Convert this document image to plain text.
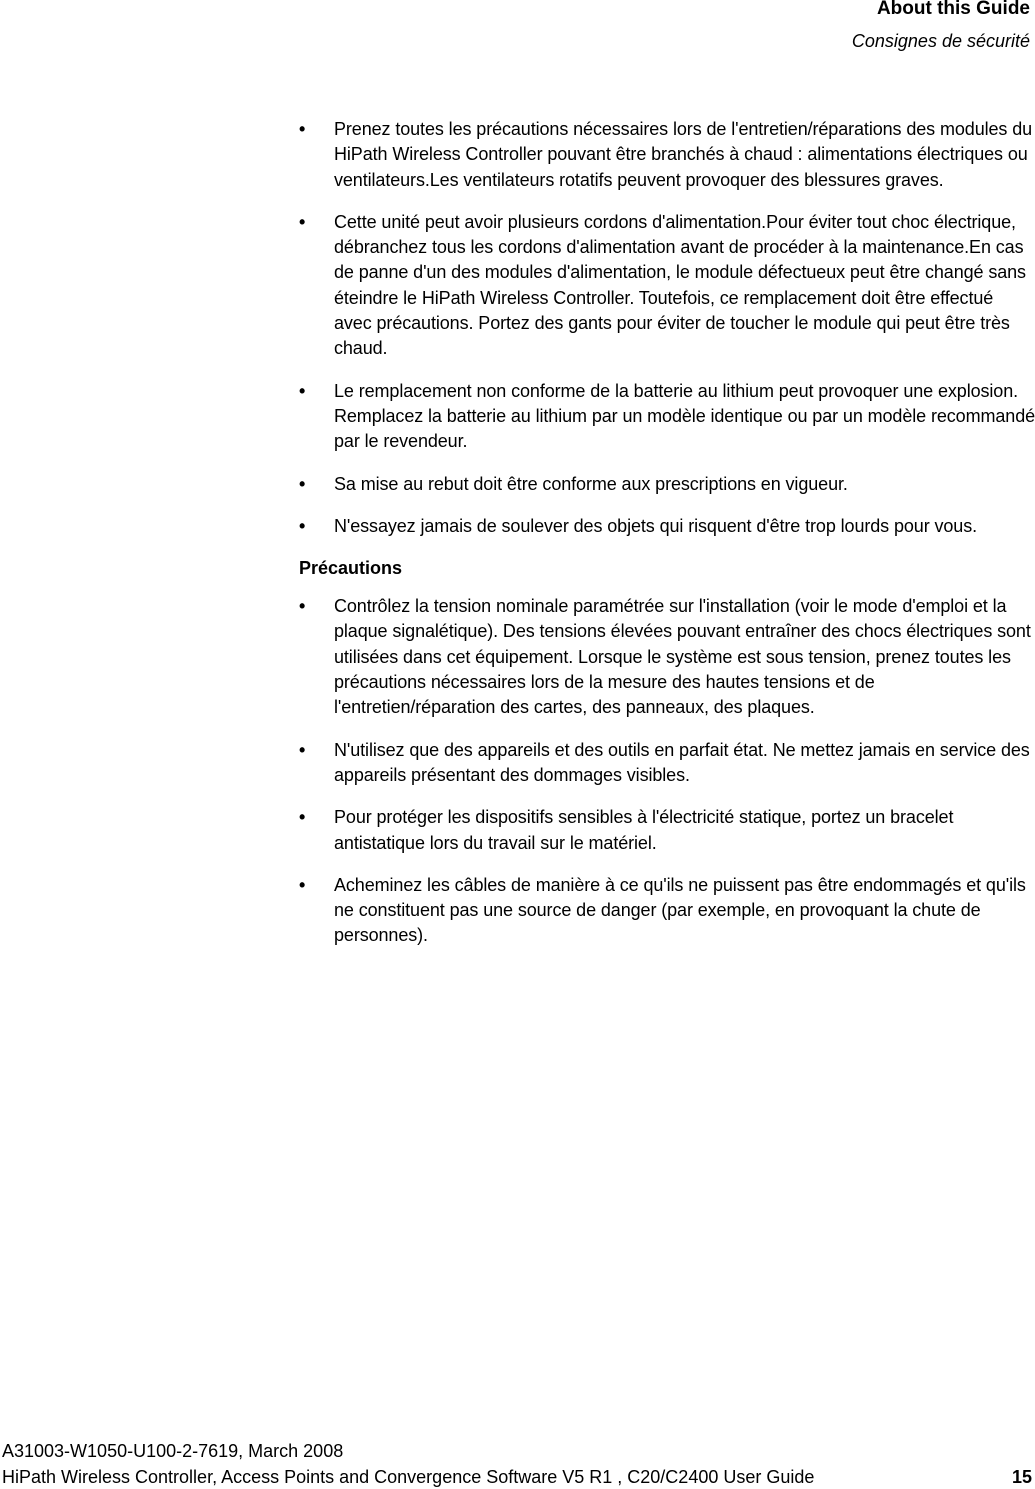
About this Guide
Consignes de sécurité
• Prenez toutes les précautions nécessaires lors de l'entretien/réparations des modules du HiPath Wireless Controller pouvant être branchés à chaud : alimentations électriques ou ventilateurs.Les ventilateurs rotatifs peuvent provoquer des blessures graves.
• Cette unité peut avoir plusieurs cordons d'alimentation.Pour éviter tout choc électrique, débranchez tous les cordons d'alimentation avant de procéder à la maintenance.En cas de panne d'un des modules d'alimentation, le module défectueux peut être changé sans éteindre le HiPath Wireless Controller. Toutefois, ce remplacement doit être effectué avec précautions. Portez des gants pour éviter de toucher le module qui peut être très chaud.
• Le remplacement non conforme de la batterie au lithium peut provoquer une explosion. Remplacez la batterie au lithium par un modèle identique ou par un modèle recommandé par le revendeur.
• Sa mise au rebut doit être conforme aux prescriptions en vigueur.
• N'essayez jamais de soulever des objets qui risquent d'être trop lourds pour vous.
Précautions
• Contrôlez la tension nominale paramétrée sur l'installation (voir le mode d'emploi et la plaque signalétique). Des tensions élevées pouvant entraîner des chocs électriques sont utilisées dans cet équipement. Lorsque le système est sous tension, prenez toutes les précautions nécessaires lors de la mesure des hautes tensions et de l'entretien/réparation des cartes, des panneaux, des plaques.
• N'utilisez que des appareils et des outils en parfait état. Ne mettez jamais en service des appareils présentant des dommages visibles.
• Pour protéger les dispositifs sensibles à l'électricité statique, portez un bracelet antistatique lors du travail sur le matériel.
• Acheminez les câbles de manière à ce qu'ils ne puissent pas être endommagés et qu'ils ne constituent pas une source de danger (par exemple, en provoquant la chute de personnes).
A31003-W1050-U100-2-7619, March 2008
HiPath Wireless Controller, Access Points and Convergence Software V5 R1 , C20/C2400 User Guide	15
